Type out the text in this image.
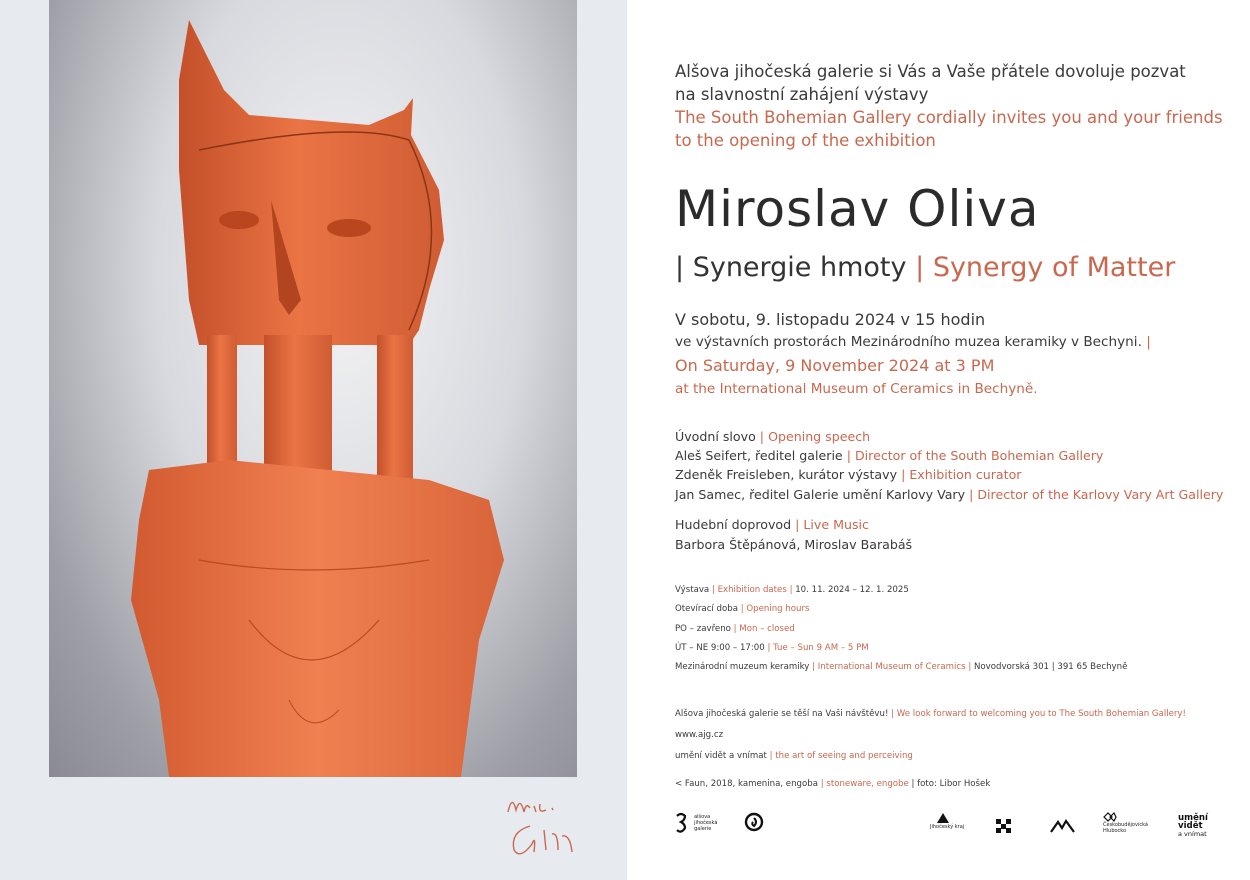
Alšova jihočeská galerie si Vás a Vaše přátele dovoluje pozvat
na slavnostní zahájení výstavy
The South Bohemian Gallery cordially invites you and your friends
to the opening of the exhibition
Miroslav Oliva
| Synergie hmoty | Synergy of Matter
V sobotu, 9. listopadu 2024 v 15 hodin
ve výstavních prostorách Mezinárodního muzea keramiky v Bechyni. |
On Saturday, 9 November 2024 at 3 PM
at the International Museum of Ceramics in Bechyně.
Úvodní slovo | Opening speech
Aleš Seifert, ředitel galerie | Director of the South Bohemian Gallery
Zdeněk Freisleben, kurátor výstavy | Exhibition curator
Jan Samec, ředitel Galerie umění Karlovy Vary | Director of the Karlovy Vary Art Gallery
Hudební doprovod | Live Music
Barbora Štěpánová, Miroslav Barabáš
Výstava | Exhibition dates | 10. 11. 2024 – 12. 1. 2025
Otevírací doba | Opening hours
PO – zavřeno | Mon – closed
ÚT – NE 9:00 – 17:00 | Tue – Sun 9 AM – 5 PM
Mezinárodní muzeum keramiky | International Museum of Ceramics | Novodvorská 301 | 391 65 Bechyně
Alšova jihočeská galerie se těší na Vaši návštěvu! | We look forward to welcoming you to The South Bohemian Gallery!
www.ajg.cz
umění vidět a vnímat | the art of seeing and perceiving
< Faun, 2018, kamenina, engoba | stoneware, engobe | foto: Libor Hošek

alšova
jihočeská
galerie	Jihočeský kraj	Českobudějovická
Hlubocko
umění
vidět
a vnímat
